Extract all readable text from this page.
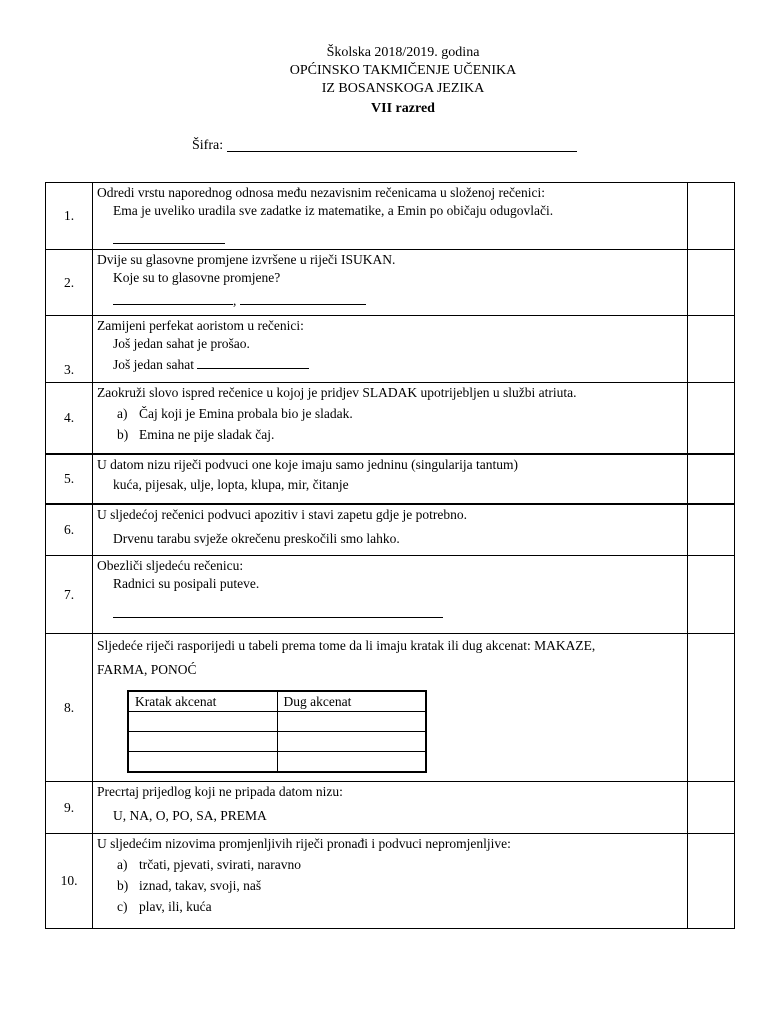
Školska 2018/2019. godina
OPĆINSKO TAKMIČENJE UČENIKA
IZ BOSANSKOGA JEZIKA
VII razred
Šifra:
1.	
Odredi vrstu naporednog odnosa među nezavisnim rečenicama u složenoj rečenici:
Ema je uveliko uradila sve zadatke iz matematike, a Emin po običaju odugovlači.

2.	
Dvije su glasovne promjene izvršene u riječi ISUKAN.
Koje su to glasovne promjene?
,

3.	
Zamijeni perfekat aoristom u rečenici:
Još jedan sahat je prošao.
Još jedan sahat

4.	
Zaokruži slovo ispred rečenice u kojoj je pridjev SLADAK upotrijebljen u službi atriuta.
a) Čaj koji je Emina probala bio je sladak.
b) Emina ne pije sladak čaj.

5.	
U datom nizu riječi podvuci one koje imaju samo jedninu (singularija tantum)
kuća, pijesak, ulje, lopta, klupa, mir, čitanje

6.	
U sljedećoj rečenici podvuci apozitiv i stavi zapetu gdje je potrebno.
Drvenu tarabu svježe okrečenu preskočili smo lahko.

7.	
Obezliči sljedeću rečenicu:
Radnici su posipali puteve.

8.	
Sljedeće riječi rasporijedi u tabeli prema tome da li imaju kratak ili dug akcenat: MAKAZE,
FARMA, PONOĆ
Kratak akcenat	Dug akcenat

9.	
Precrtaj prijedlog koji ne pripada datom nizu:
U, NA, O, PO, SA, PREMA

10.	
U sljedećim nizovima promjenljivih riječi pronađi i podvuci nepromjenljive:
a) trčati, pjevati, svirati, naravno
b) iznad, takav, svoji, naš
c) plav, ili, kuća
